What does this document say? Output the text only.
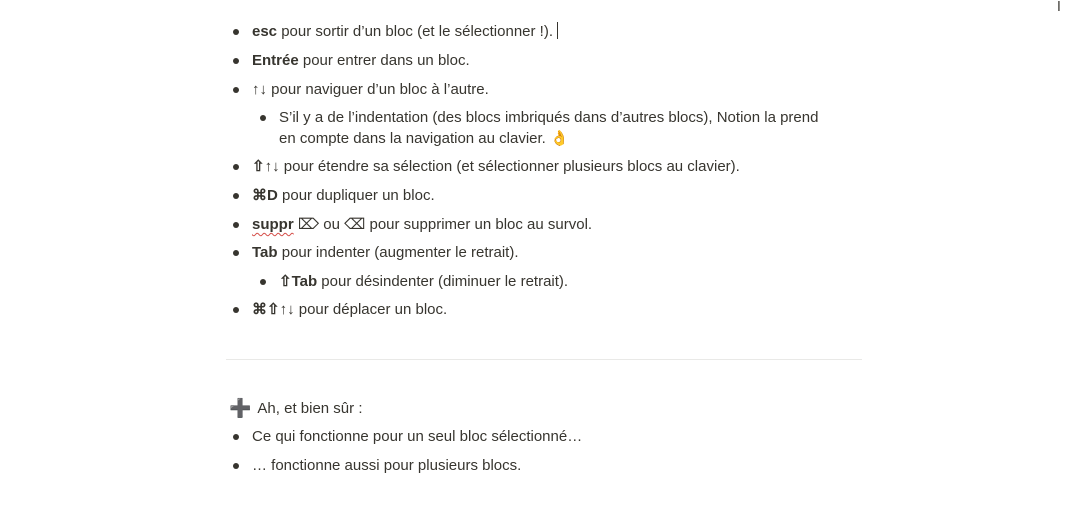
esc pour sortir d’un bloc (et le sélectionner !).
Entrée pour entrer dans un bloc.
↑↓ pour naviguer d’un bloc à l’autre.
S’il y a de l’indentation (des blocs imbriqués dans d’autres blocs), Notion la prend en compte dans la navigation au clavier. 👌
⇧↑↓ pour étendre sa sélection (et sélectionner plusieurs blocs au clavier).
⌘D pour dupliquer un bloc.
suppr ⌦ ou ⌫ pour supprimer un bloc au survol.
Tab pour indenter (augmenter le retrait).
⇧Tab pour désindenter (diminuer le retrait).
⌘⇧↑↓ pour déplacer un bloc.
➕ Ah, et bien sûr :
Ce qui fonctionne pour un seul bloc sélectionné…
… fonctionne aussi pour plusieurs blocs.
I
